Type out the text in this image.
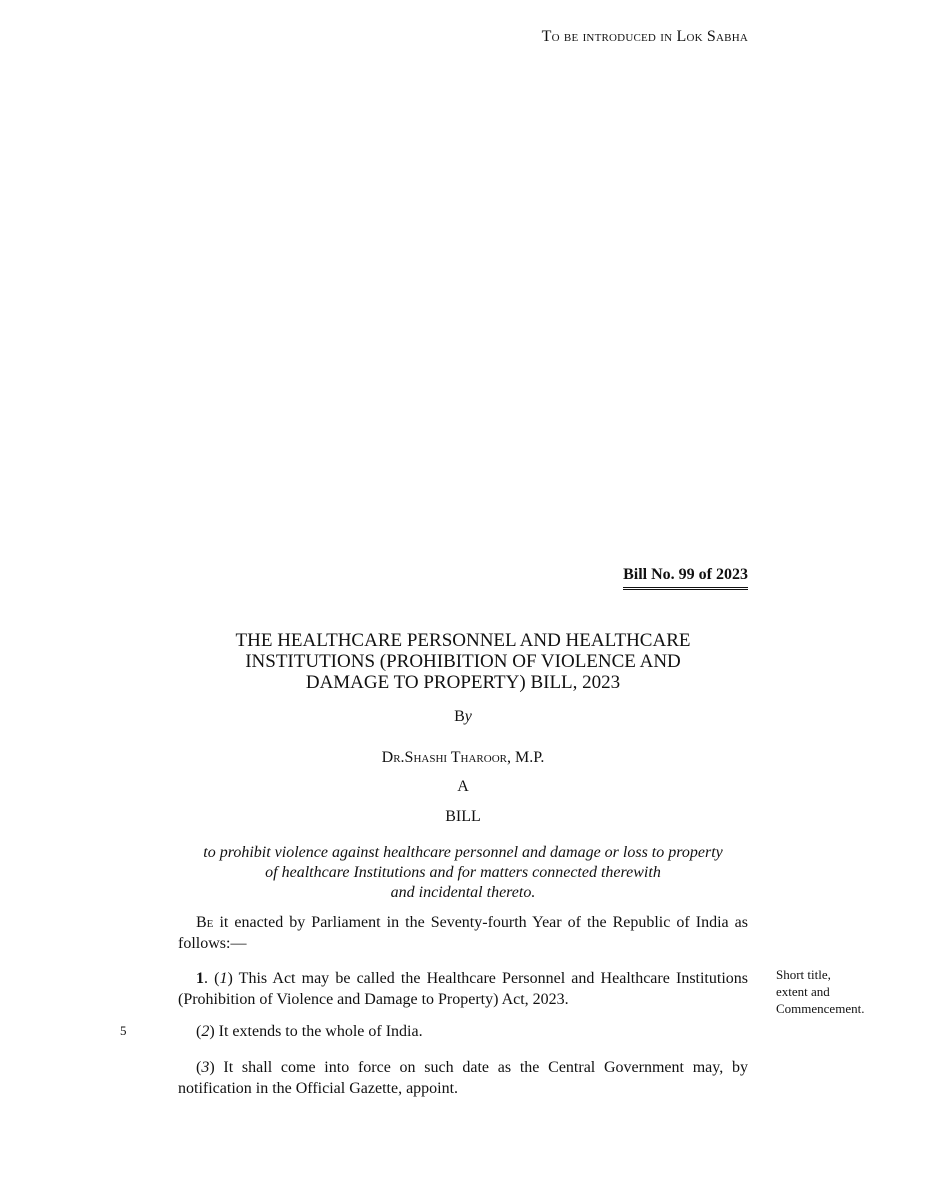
To be introduced in Lok Sabha
Bill No. 99 of 2023
THE HEALTHCARE PERSONNEL AND HEALTHCARE
INSTITUTIONS (PROHIBITION OF VIOLENCE AND
DAMAGE TO PROPERTY) BILL, 2023
By
Dr.Shashi Tharoor, M.P.
A
BILL
to prohibit violence against healthcare personnel and damage or loss to property
of healthcare Institutions and for matters connected therewith
and incidental thereto.
Be it enacted by Parliament in the Seventy-fourth Year of the Republic of India as follows:—
1. (1) This Act may be called the Healthcare Personnel and Healthcare Institutions (Prohibition of Violence and Damage to Property) Act, 2023.
(2) It extends to the whole of India.
(3) It shall come into force on such date as the Central Government may, by notification in the Official Gazette, appoint.
Short title,
extent and
Commencement.
5
